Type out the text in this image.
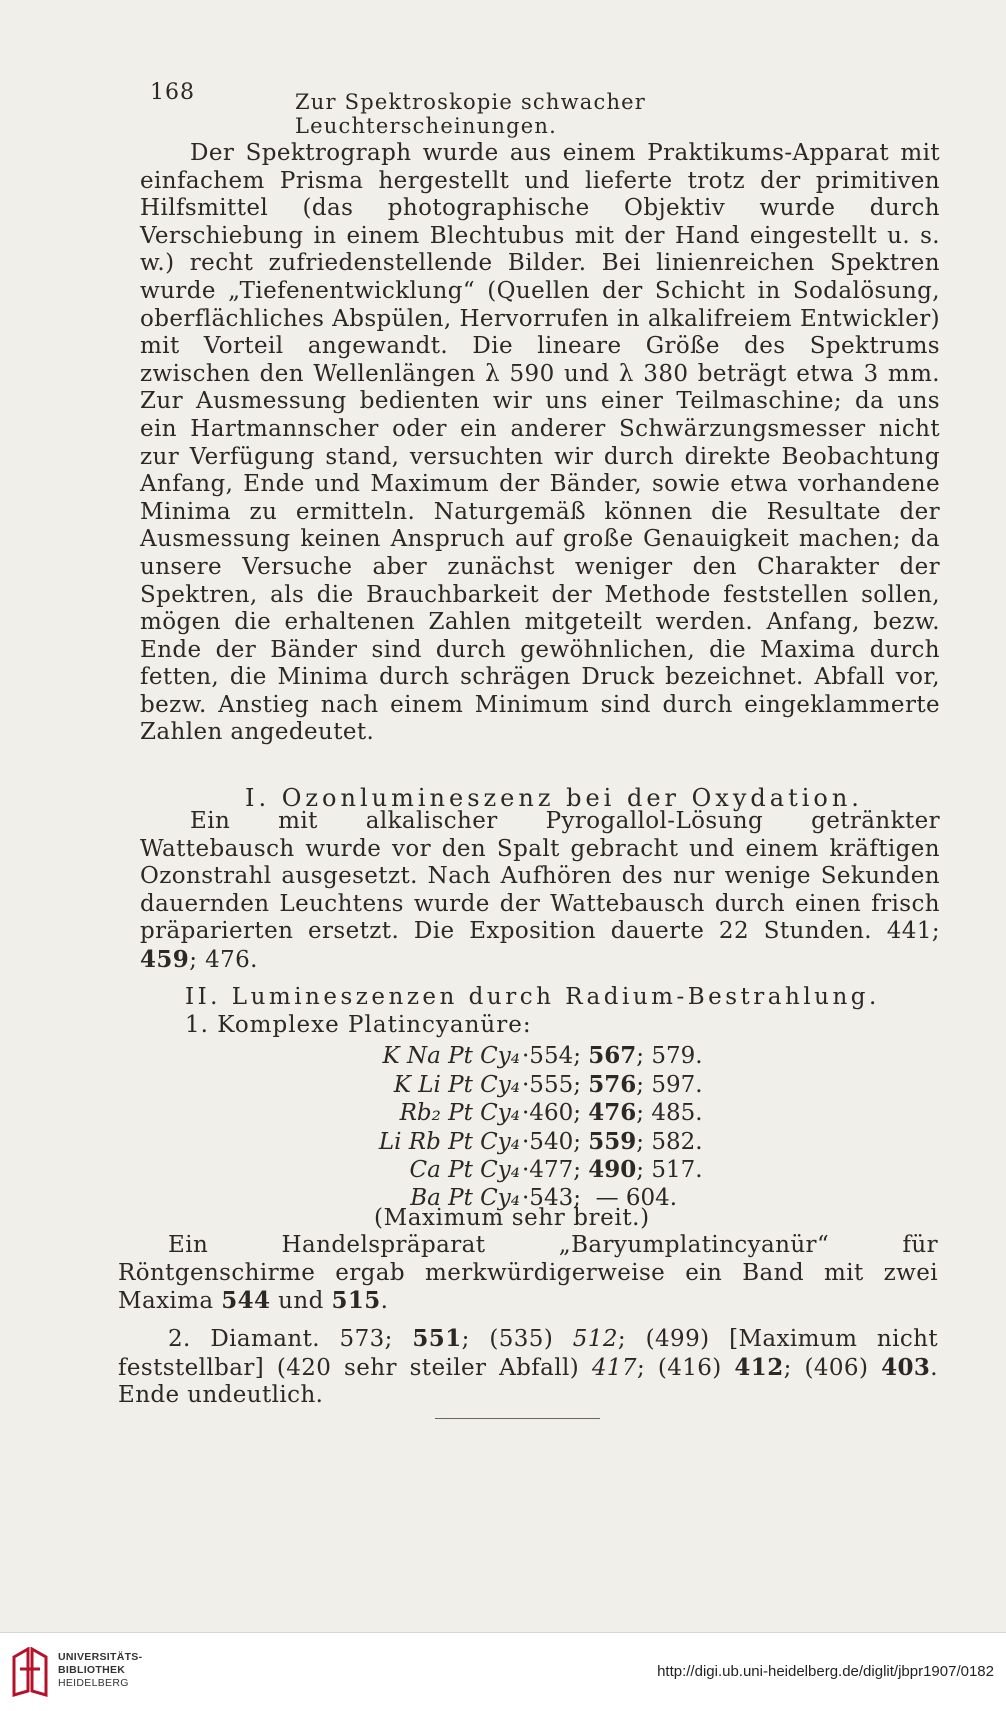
168	Zur Spektroskopie schwacher Leuchterscheinungen.

Der Spektrograph wurde aus einem Praktikums-Apparat mit einfachem Prisma hergestellt und lieferte trotz der primitiven Hilfsmittel (das photographische Objektiv wurde durch Verschiebung in einem Blechtubus mit der Hand eingestellt u. s. w.) recht zufriedenstellende Bilder. Bei linienreichen Spektren wurde „Tiefenentwicklung“ (Quellen der Schicht in Sodalösung, oberflächliches Abspülen, Hervorrufen in alkalifreiem Entwickler) mit Vorteil angewandt. Die lineare Größe des Spektrums zwischen den Wellenlängen λ 590 und λ 380 beträgt etwa 3 mm. Zur Ausmessung bedienten wir uns einer Teilmaschine; da uns ein Hartmannscher oder ein anderer Schwärzungsmesser nicht zur Verfügung stand, versuchten wir durch direkte Beobachtung Anfang, Ende und Maximum der Bänder, sowie etwa vorhandene Minima zu ermitteln. Naturgemäß können die Resultate der Ausmessung keinen Anspruch auf große Genauigkeit machen; da unsere Versuche aber zunächst weniger den Charakter der Spektren, als die Brauchbarkeit der Methode feststellen sollen, mögen die erhaltenen Zahlen mitgeteilt werden. Anfang, bezw. Ende der Bänder sind durch gewöhnlichen, die Maxima durch fetten, die Minima durch schrägen Druck bezeichnet. Abfall vor, bezw. Anstieg nach einem Minimum sind durch eingeklammerte Zahlen angedeutet.

I. Ozonlumineszenz bei der Oxydation.

Ein mit alkalischer Pyrogallol-Lösung getränkter Wattebausch wurde vor den Spalt gebracht und einem kräftigen Ozonstrahl ausgesetzt. Nach Aufhören des nur wenige Sekunden dauernden Leuchtens wurde der Wattebausch durch einen frisch präparierten ersetzt. Die Exposition dauerte 22 Stunden. 441; 459; 476.

II. Lumineszenzen durch Radium-Bestrahlung.
1. Komplexe Platincyanüre:
K Na Pt Cy₄ ·554; 567; 579.
K Li Pt Cy₄ ·555; 576; 597.
Rb₂ Pt Cy₄ ·460; 476; 485.
Li Rb Pt Cy₄ ·540; 559; 582.
Ca Pt Cy₄ ·477; 490; 517.
Ba Pt Cy₄ ·543; — 604.
(Maximum sehr breit.)

Ein Handelspräparat „Baryumplatincyanür“ für Röntgenschirme ergab merkwürdigerweise ein Band mit zwei Maxima 544 und 515.

2. Diamant. 573; 551; (535) 512; (499) [Maximum nicht feststellbar] (420 sehr steiler Abfall) 417; (416) 412; (406) 403. Ende undeutlich.

UNIVERSITÄTS-
BIBLIOTHEK
HEIDELBERG
http://digi.ub.uni-heidelberg.de/diglit/jbpr1907/0182
